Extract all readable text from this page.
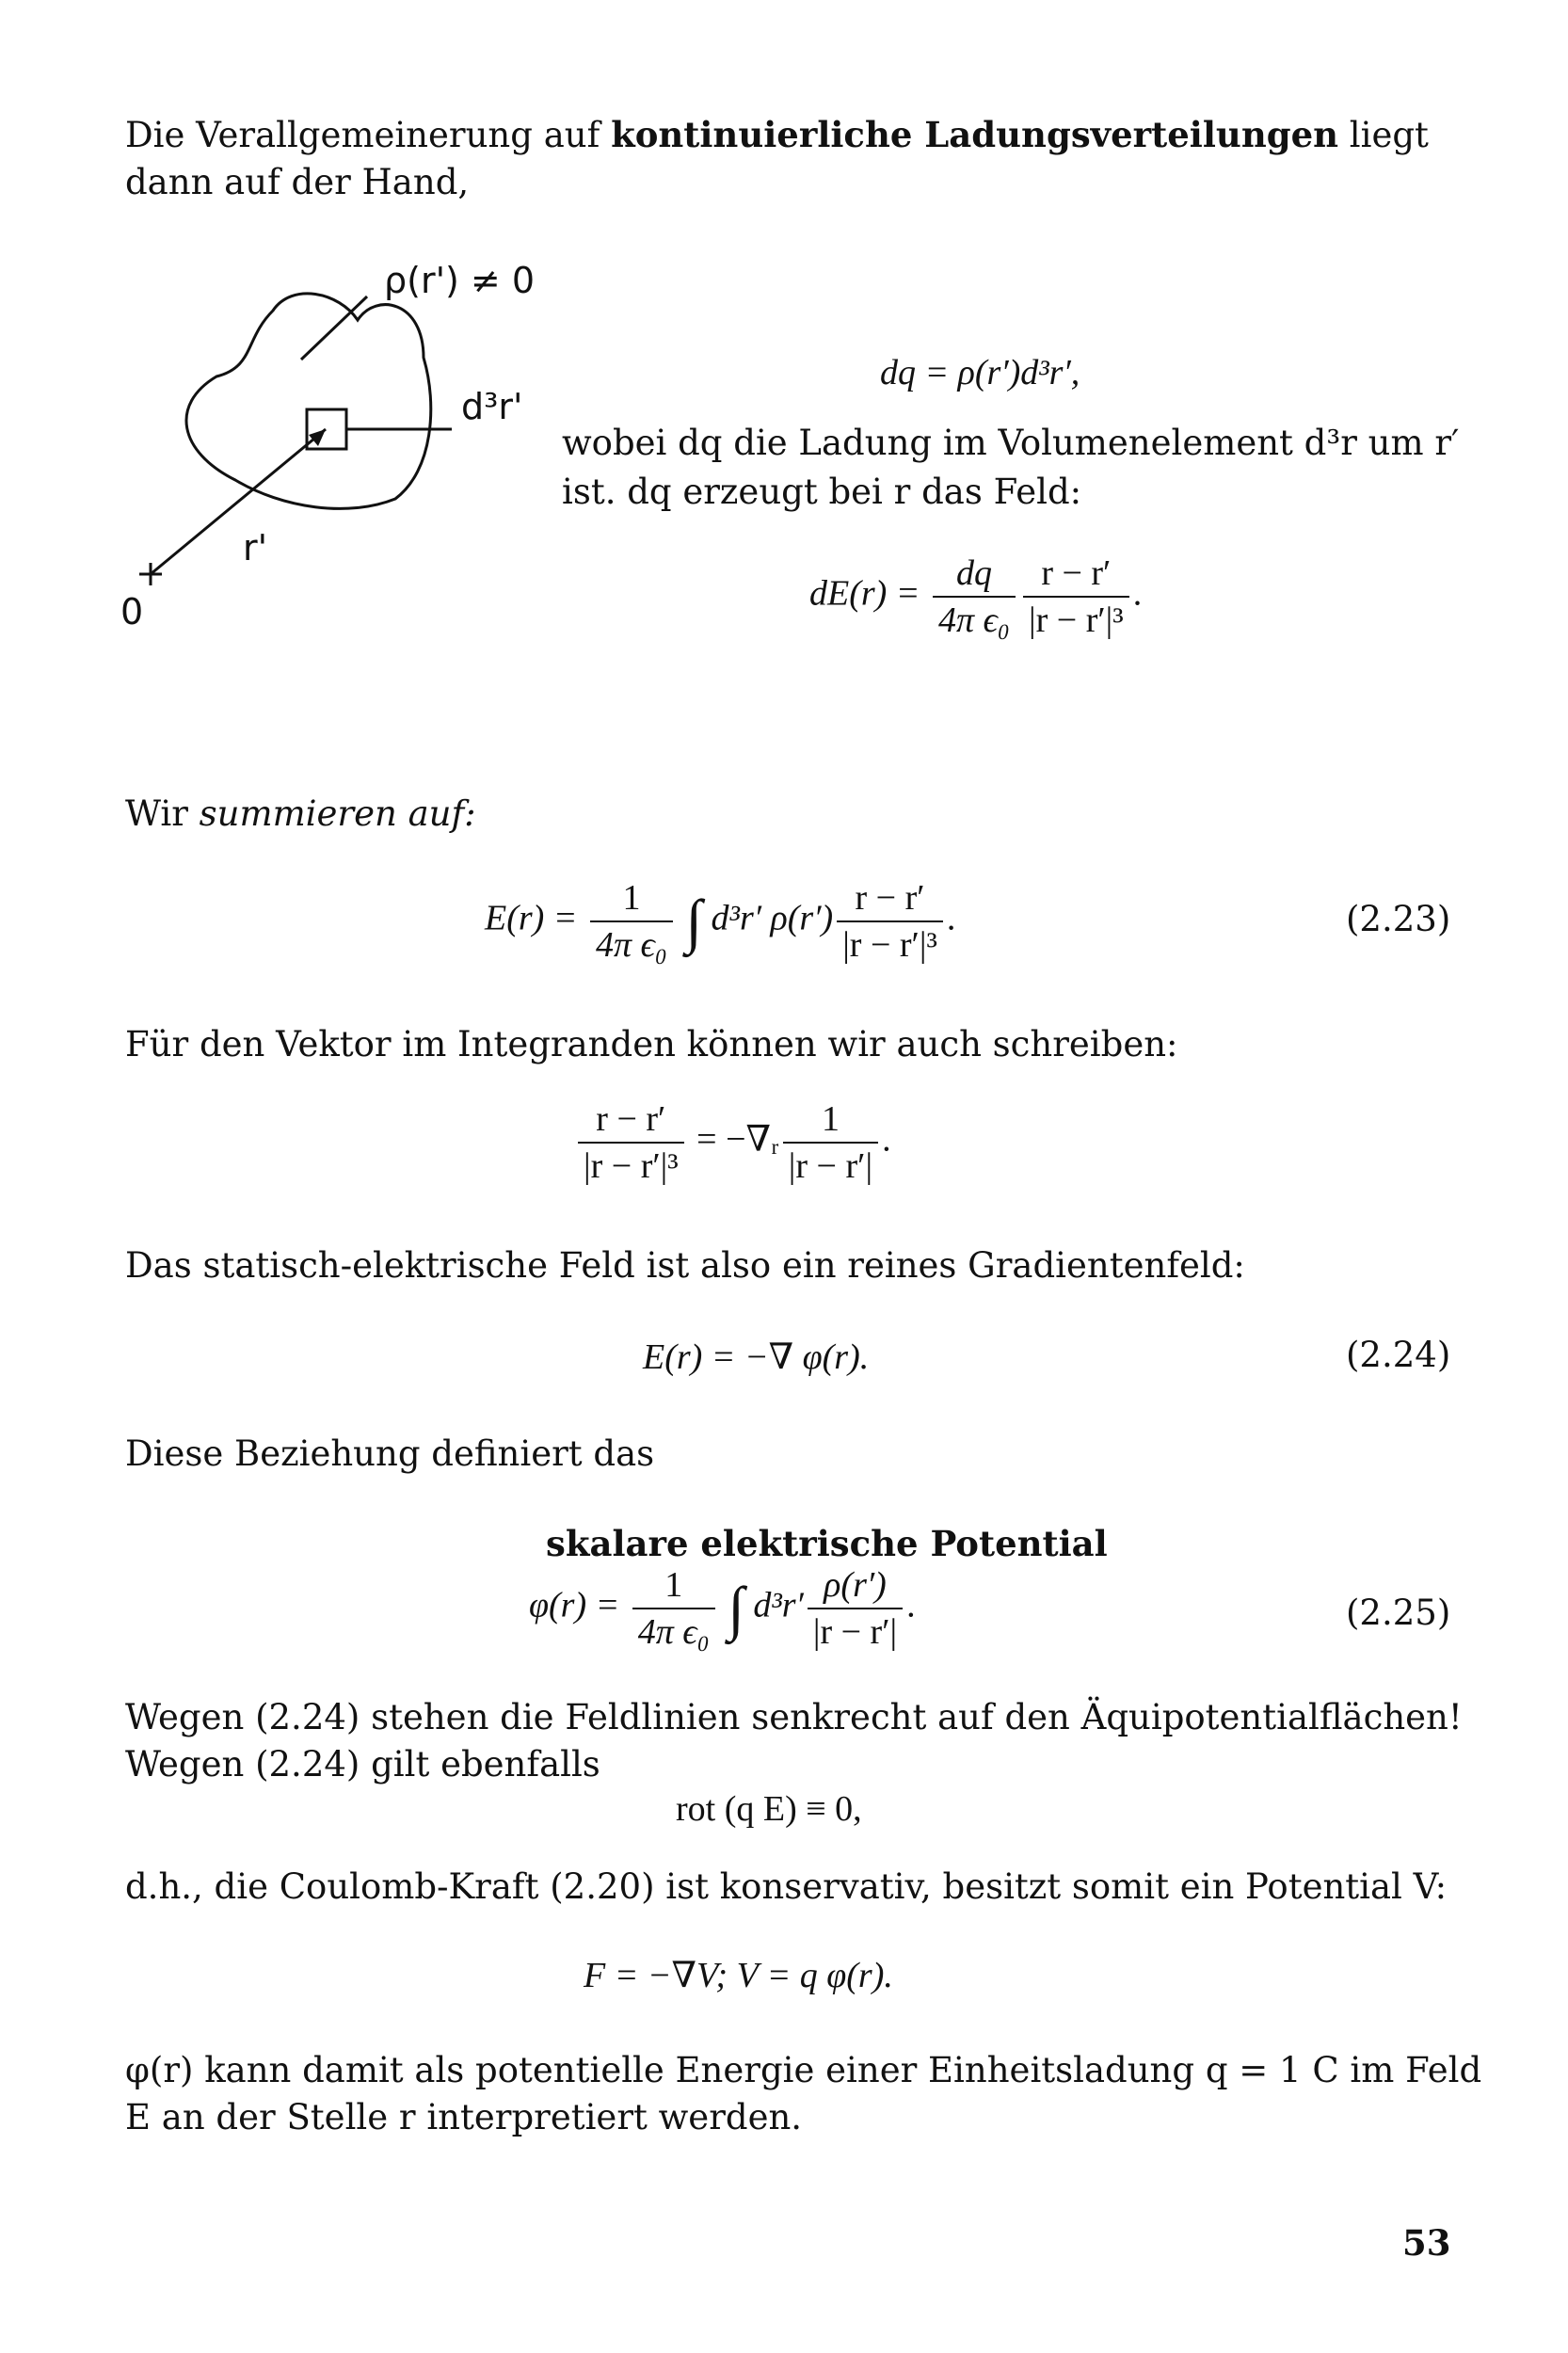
Die Verallgemeinerung auf kontinuierliche Ladungsverteilungen liegt dann auf der Hand,
ρ(r') ≠ 0
d³r'
r'
0
dq = ρ(r′)d³r′,
wobei dq die Ladung im Volumenelement d³r um r′
ist. dq erzeugt bei r das Feld:
$dE(r) = \frac{dq}{\text{4π ϵ₀}} \frac{r - r'}{\text{|r − r′|³}}$ .
Wir summieren auf:
$E(r) = \frac{1}{\text{4π ϵ₀}}$ ∫ d³r′ $\rho(r') \frac{r - r'}{\text{|r − r′|³}}$ .	(2.23)
Für den Vektor im Integranden können wir auch schreiben:
$\frac{r - r'}{\text{|r − r′|³}}$ = −∇ᵣ $\frac{1}{|r - r'|}$ .
Das statisch-elektrische Feld ist also ein reines Gradientenfeld:
E(r) = −∇ φ(r).	(2.24)
Diese Beziehung definiert das
skalare elektrische Potential
$\varphi(r) = \frac{1}{\text{4π ϵ₀}}$ ∫ $d^3r' \frac{\rho(r')}{|r - r'|}$ .	(2.25)
Wegen (2.24) stehen die Feldlinien senkrecht auf den Äquipotentialflächen!
Wegen (2.24) gilt ebenfalls
rot (q E) ≡ 0,
d.h., die Coulomb-Kraft (2.20) ist konservativ, besitzt somit ein Potential V:
F = −∇V; V = q φ(r).
φ(r) kann damit als potentielle Energie einer Einheitsladung q = 1 C im Feld
E an der Stelle r interpretiert werden.
53
